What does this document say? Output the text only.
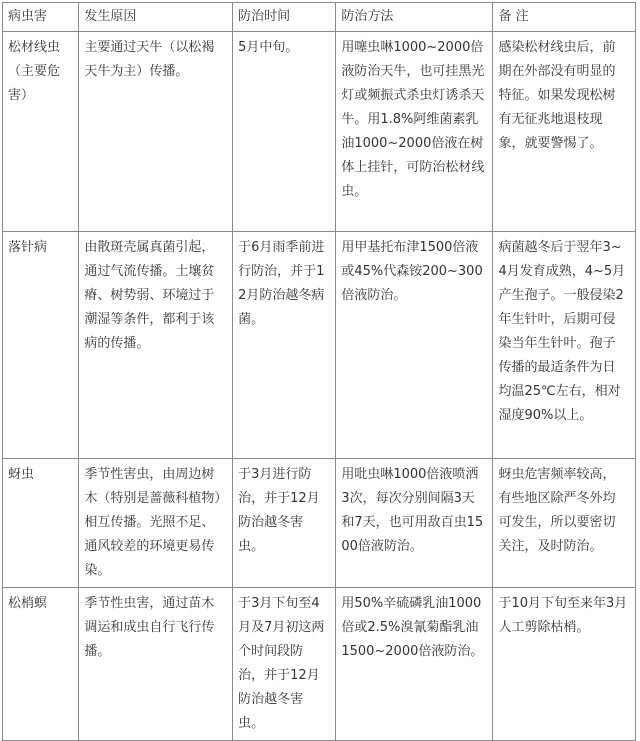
病虫害	发生原因	防治时间	防治方法	备 注
松材线虫（主要危害）	主要通过天牛（以松褐天牛为主）传播。	5月中旬。	用噻虫啉1000~2000倍液防治天牛，也可挂黑光灯或频振式杀虫灯诱杀天牛。用1.8%阿维菌素乳油1000~2000倍液在树体上挂针，可防治松材线虫。	感染松材线虫后，前期在外部没有明显的特征。如果发现松树有无征兆地退枝现象，就要警惕了。
落针病	由散斑壳属真菌引起，通过气流传播。土壤贫瘠、树势弱、环境过于潮湿等条件，都利于该病的传播。	于6月雨季前进行防治，并于12月防治越冬病菌。	用甲基托布津1500倍液或45%代森铵200~300倍液防治。	病菌越冬后于翌年3~4月发育成熟，4~5月产生孢子。一般侵染2年生针叶，后期可侵染当年生针叶。孢子传播的最适条件为日均温25℃左右，相对湿度90%以上。
蚜虫	季节性害虫，由周边树木（特别是蔷薇科植物）相互传播。光照不足、通风较差的环境更易传染。	于3月进行防治，并于12月防治越冬害虫。	用吡虫啉1000倍液喷洒3次，每次分别间隔3天和7天，也可用敌百虫1500倍液防治。	蚜虫危害频率较高，有些地区除严冬外均可发生，所以要密切关注，及时防治。
松梢螟	季节性虫害，通过苗木调运和成虫自行飞行传播。	于3月下旬至4月及7月初这两个时间段防治，并于12月防治越冬害虫。	用50%辛硫磷乳油1000倍或2.5%溴氰菊酯乳油1500~2000倍液防治。	于10月下旬至来年3月人工剪除枯梢。
